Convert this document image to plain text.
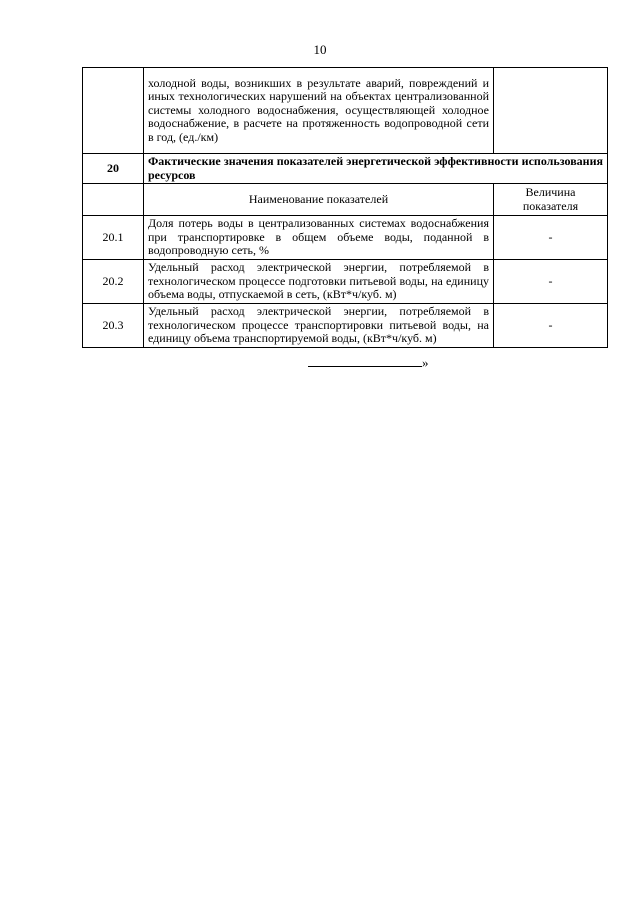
10
	холодной воды, возникших в результате аварий, повреждений и иных технологических нарушений на объектах централизованной системы холодного водоснабжения, осуществляющей холодное водоснабжение, в расчете на протяженность водопроводной сети в год, (ед./км)	
20	Фактические значения показателей энергетической эффективности использования ресурсов	
	Наименование показателей	Величина показателя
20.1	Доля потерь воды в централизованных системах водоснабжения при транспортировке в общем объеме воды, поданной в водопроводную сеть, %	-
20.2	Удельный расход электрической энергии, потребляемой в технологическом процессе подготовки питьевой воды, на единицу объема воды, отпускаемой в сеть, (кВт*ч/куб. м)	-
20.3	Удельный расход электрической энергии, потребляемой в технологическом процессе транспортировки питьевой воды, на единицу объема транспортируемой воды, (кВт*ч/куб. м)	-
»
